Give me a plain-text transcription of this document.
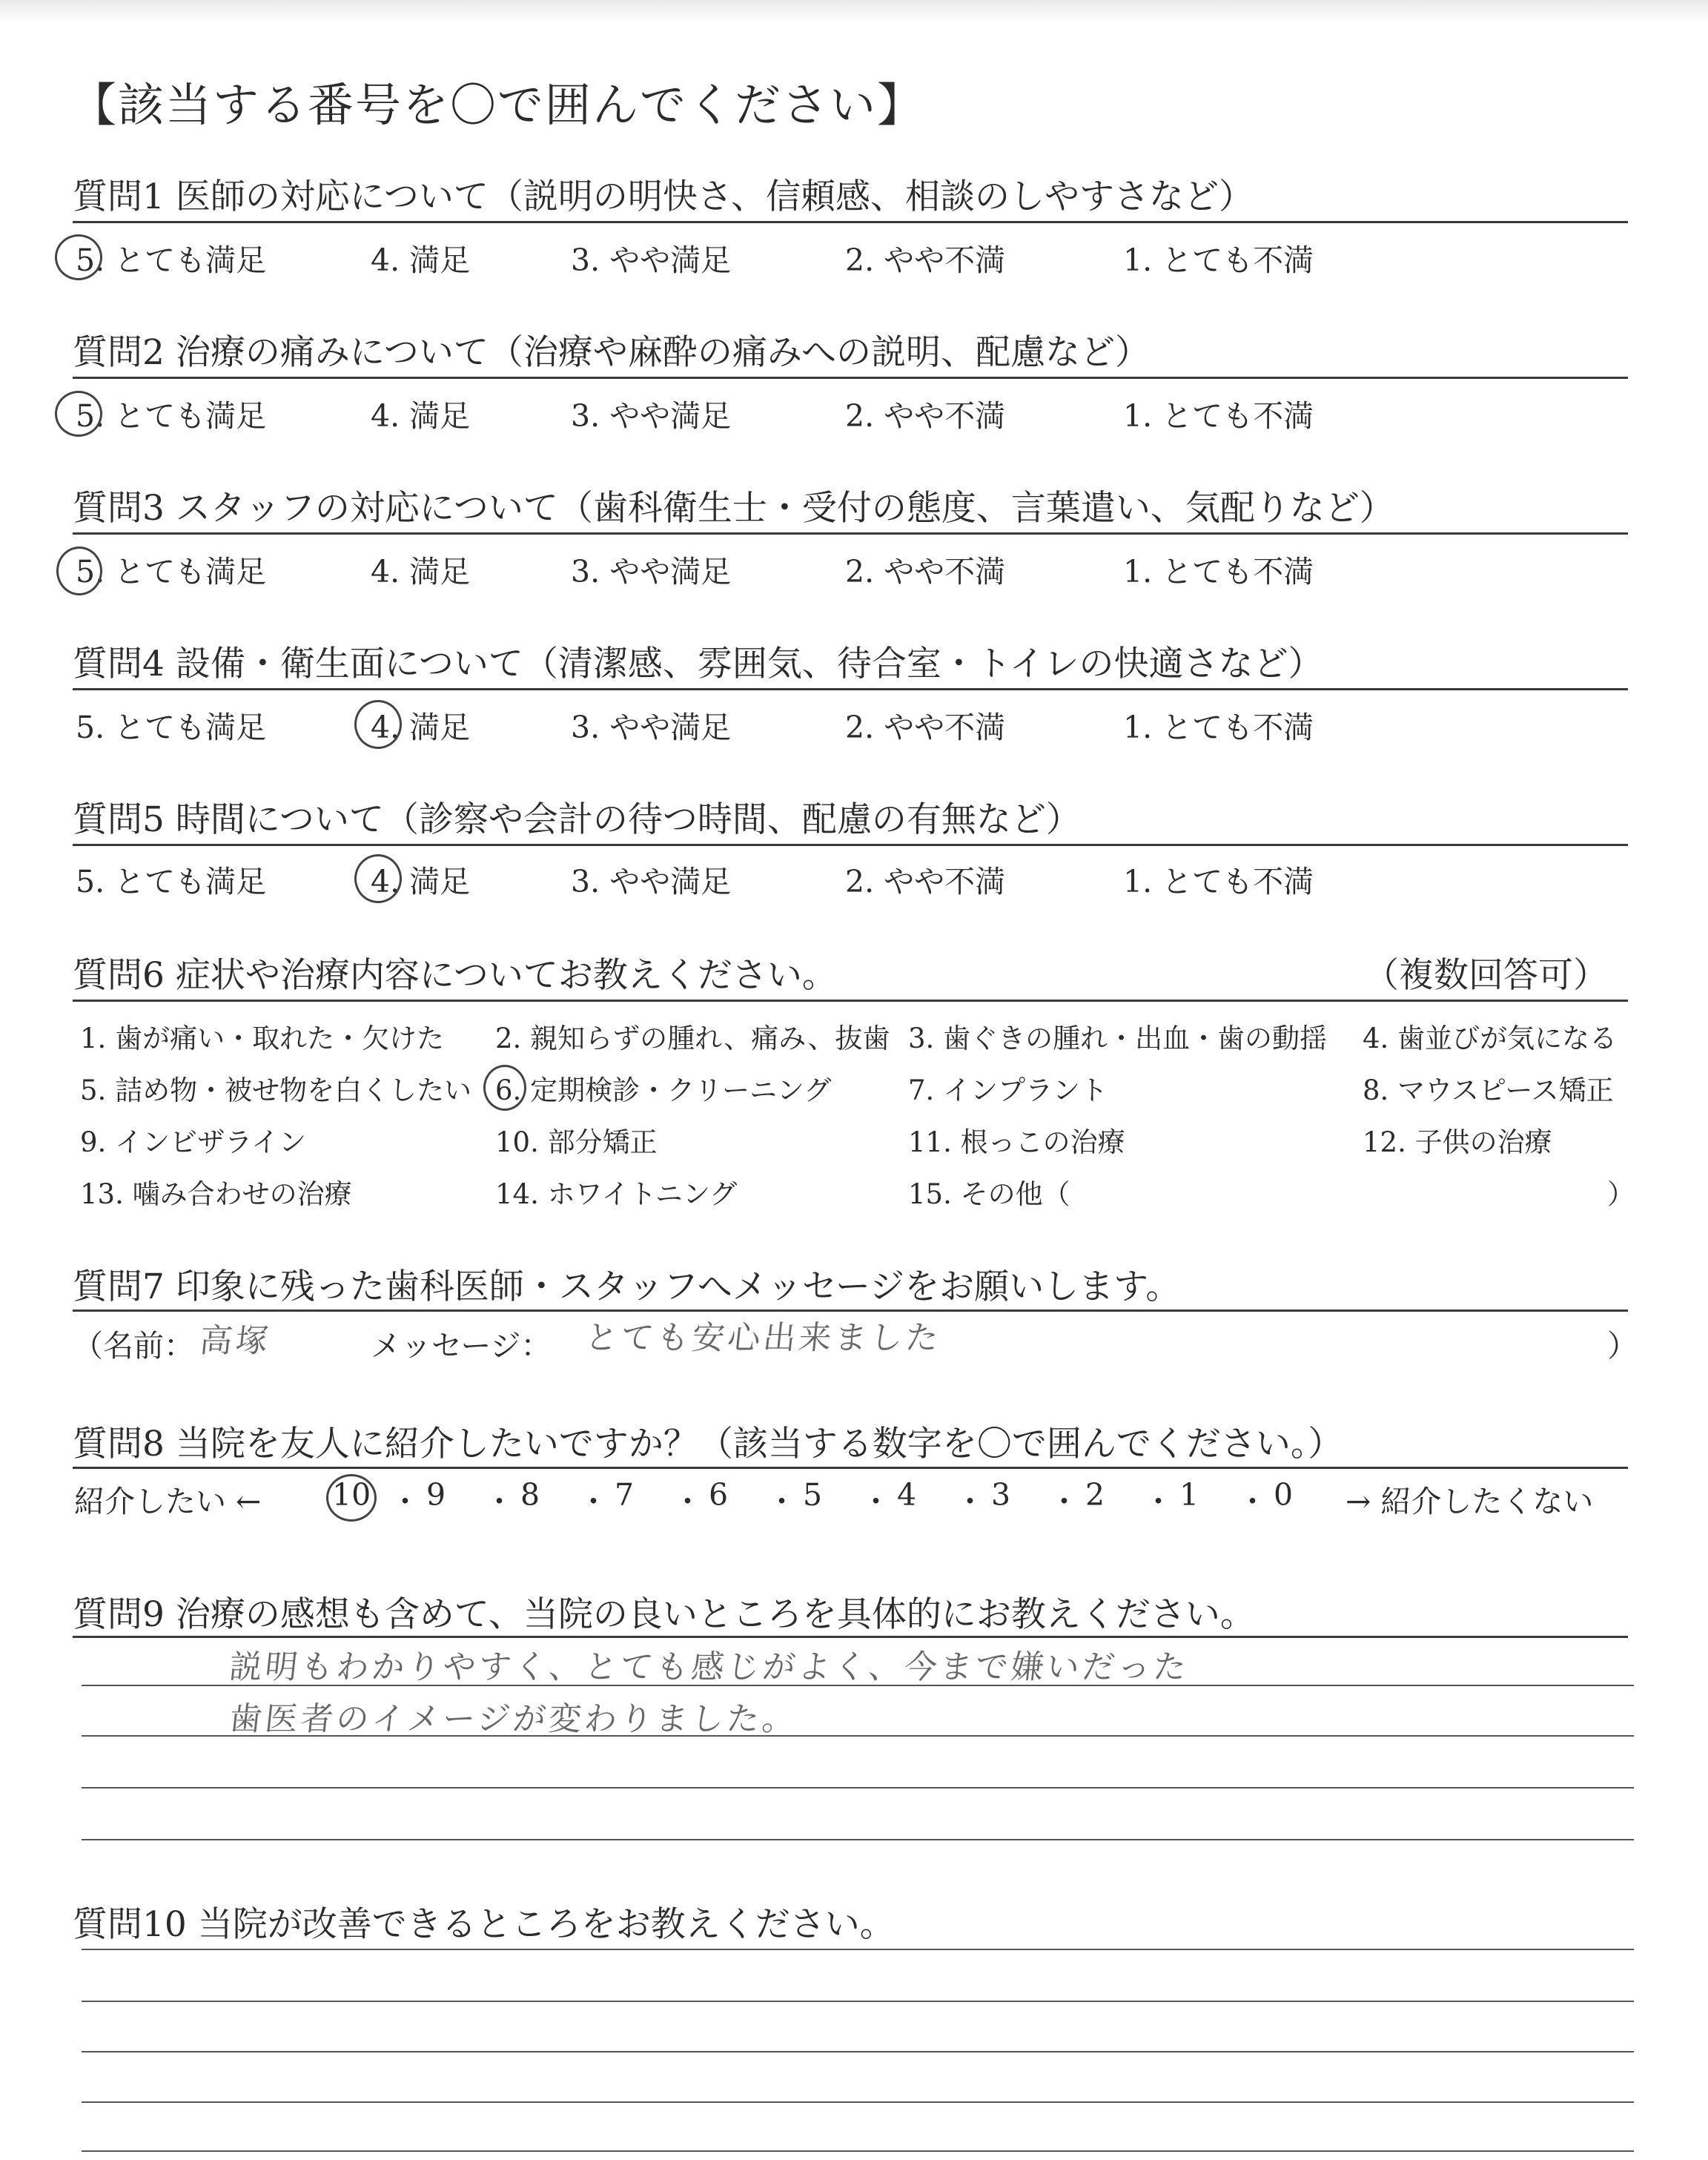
【該当する番号を〇で囲んでください】
質問1 医師の対応について（説明の明快さ、信頼感、相談のしやすさなど）
5. とても満足	4. 満足	3. やや満足	2. やや不満	1. とても不満
質問2 治療の痛みについて（治療や麻酔の痛みへの説明、配慮など）
5. とても満足	4. 満足	3. やや満足	2. やや不満	1. とても不満
質問3 スタッフの対応について（歯科衛生士・受付の態度、言葉遣い、気配りなど）
5. とても満足	4. 満足	3. やや満足	2. やや不満	1. とても不満
質問4 設備・衛生面について（清潔感、雰囲気、待合室・トイレの快適さなど）
5. とても満足	4. 満足	3. やや満足	2. やや不満	1. とても不満
質問5 時間について（診察や会計の待つ時間、配慮の有無など）
5. とても満足	4. 満足	3. やや満足	2. やや不満	1. とても不満
質問6 症状や治療内容についてお教えください。	（複数回答可）
1. 歯が痛い・取れた・欠けた 2. 親知らずの腫れ、痛み、抜歯 3. 歯ぐきの腫れ・出血・歯の動揺 4. 歯並びが気になる
5. 詰め物・被せ物を白くしたい 6. 定期検診・クリーニング	7. インプラント	8. マウスピース矯正
9. インビザライン	10. 部分矯正	11. 根っこの治療	12. 子供の治療
13. 噛み合わせの治療	14. ホワイトニング	15. その他（	）
質問7 印象に残った歯科医師・スタッフへメッセージをお願いします。
（名前： 高塚	メッセージ： とても安心出来ました	）
質問8 当院を友人に紹介したいですか？（該当する数字を〇で囲んでください。）
紹介したい ← 10 ・ 9 ・ 8 ・ 7 ・ 6 ・ 5 ・ 4 ・ 3 ・ 2 ・ 1 ・ 0 → 紹介したくない
質問9 治療の感想も含めて、当院の良いところを具体的にお教えください。
説明もわかりやすく、とても感じがよく、今まで嫌いだった
歯医者のイメージが変わりました。
質問10 当院が改善できるところをお教えください。
